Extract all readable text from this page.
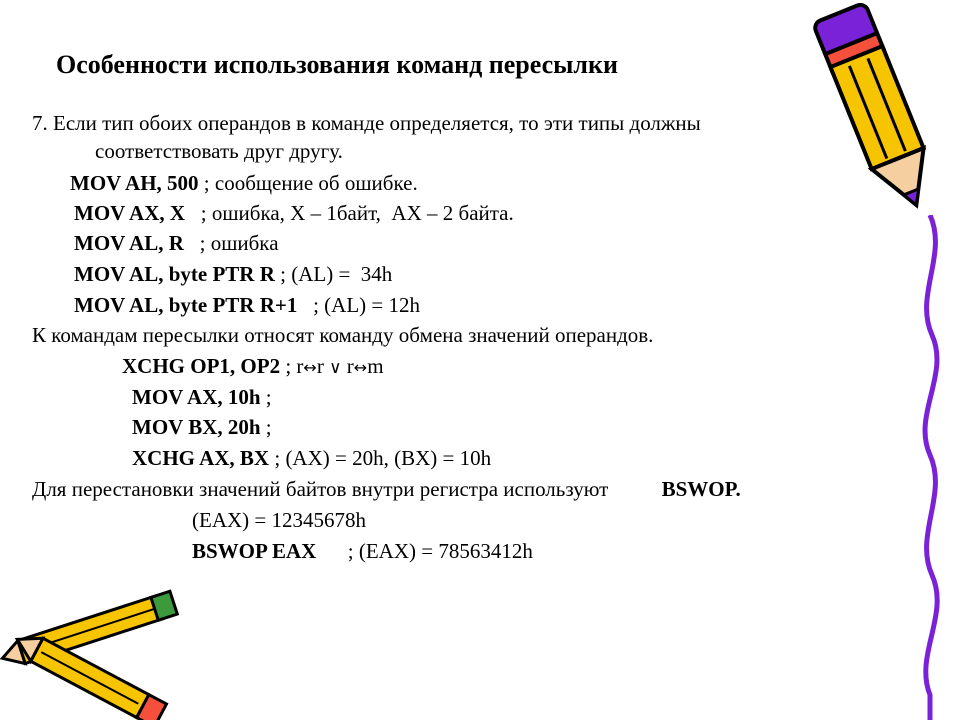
Особенности использования команд пересылки
7. Если тип обоих операндов в команде определяется, то эти типы должны
соответствовать друг другу.
MOV AH, 500 ; сообщение об ошибке.
MOV AX, X   ; ошибка, X – 1байт,  AX – 2 байта.
MOV AL, R   ; ошибка
MOV AL, byte PTR R ; (AL) =  34h
MOV AL, byte PTR R+1   ; (AL) = 12h
К командам пересылки относят команду обмена значений операндов.
XCHG OP1, OP2 ; r↔r ∨ r↔m
MOV AX, 10h ;
MOV BX, 20h ;
XCHG AX, BX ; (AX) = 20h, (BX) = 10h
Для перестановки значений байтов внутри регистра используют	BSWOP.
(EAX) = 12345678h
BSWOP EAX      ; (EAX) = 78563412h
